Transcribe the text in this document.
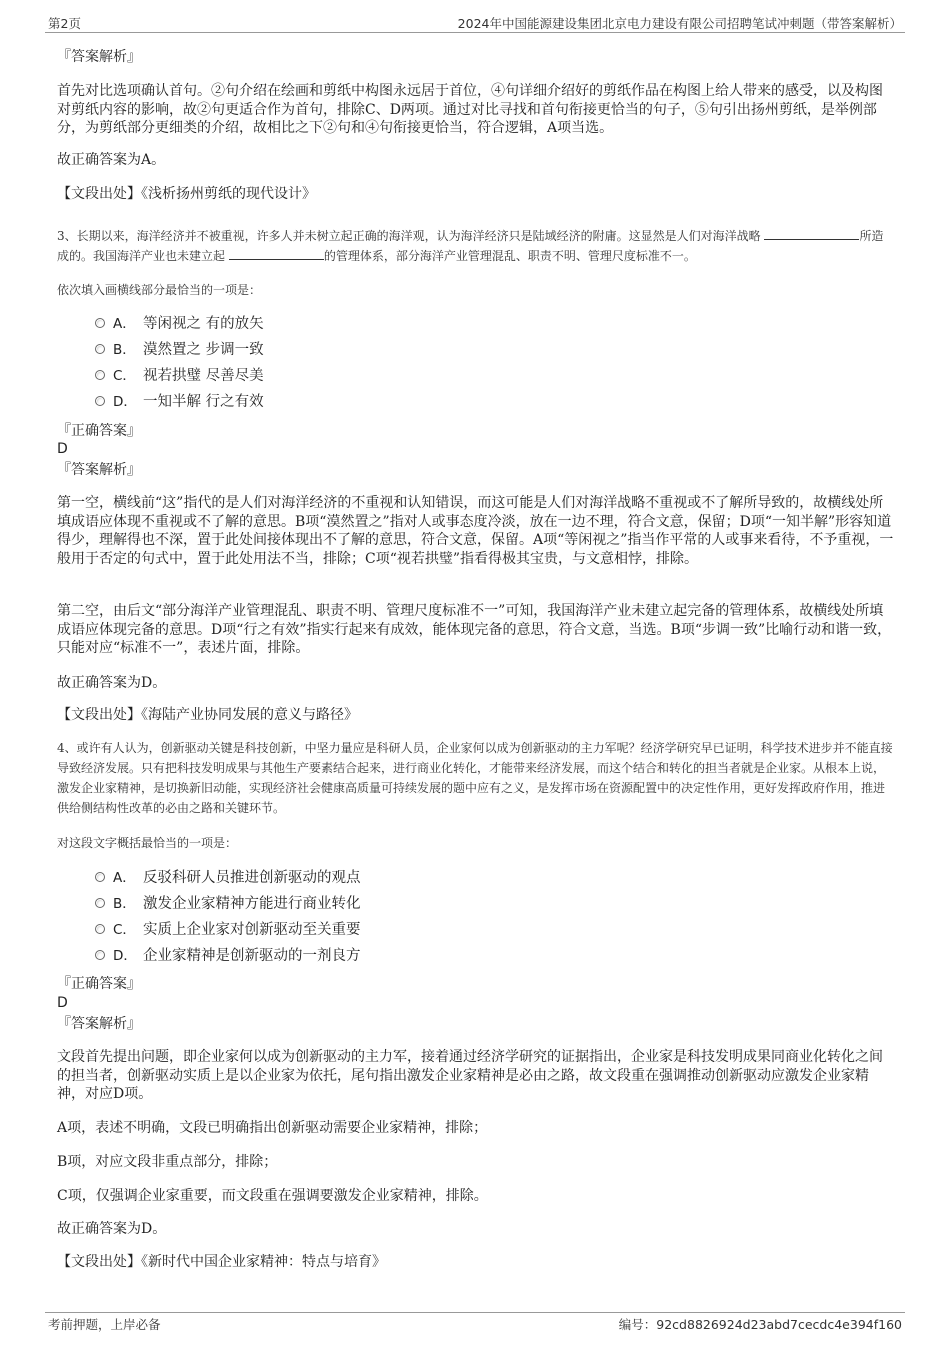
第2页	2024年中国能源建设集团北京电力建设有限公司招聘笔试冲刺题（带答案解析）
『答案解析』

首先对比选项确认首句。②句介绍在绘画和剪纸中构图永远居于首位，④句详细介绍好的剪纸作品在构图上给人带来的感受，以及构图对剪纸内容的影响，故②句更适合作为首句，排除C、D两项。通过对比寻找和首句衔接更恰当的句子，⑤句引出扬州剪纸，是举例部分，为剪纸部分更细类的介绍，故相比之下②句和④句衔接更恰当，符合逻辑，A项当选。

故正确答案为A。
【文段出处】《浅析扬州剪纸的现代设计》

3、长期以来，海洋经济并不被重视，许多人并未树立起正确的海洋观，认为海洋经济只是陆域经济的附庸。这显然是人们对海洋战略	所造成的。我国海洋产业也未建立起	的管理体系，部分海洋产业管理混乱、职责不明、管理尺度标准不一。

依次填入画横线部分最恰当的一项是：
A． 等闲视之 有的放矢
B． 漠然置之 步调一致
C． 视若拱璧 尽善尽美
D． 一知半解 行之有效
『正确答案』
D
『答案解析』

第一空，横线前“这”指代的是人们对海洋经济的不重视和认知错误，而这可能是人们对海洋战略不重视或不了解所导致的，故横线处所填成语应体现不重视或不了解的意思。B项“漠然置之”指对人或事态度冷淡，放在一边不理，符合文意，保留；D项“一知半解”形容知道得少，理解得也不深，置于此处间接体现出不了解的意思，符合文意，保留。A项“等闲视之”指当作平常的人或事来看待，不予重视，一般用于否定的句式中，置于此处用法不当，排除；C项“视若拱璧”指看得极其宝贵，与文意相悖，排除。

第二空，由后文“部分海洋产业管理混乱、职责不明、管理尺度标准不一”可知，我国海洋产业未建立起完备的管理体系，故横线处所填成语应体现完备的意思。D项“行之有效”指实行起来有成效，能体现完备的意思，符合文意，当选。B项“步调一致”比喻行动和谐一致，只能对应“标准不一”，表述片面，排除。

故正确答案为D。
【文段出处】《海陆产业协同发展的意义与路径》

4、或许有人认为，创新驱动关键是科技创新，中坚力量应是科研人员，企业家何以成为创新驱动的主力军呢？经济学研究早已证明，科学技术进步并不能直接导致经济发展。只有把科技发明成果与其他生产要素结合起来，进行商业化转化，才能带来经济发展，而这个结合和转化的担当者就是企业家。从根本上说，激发企业家精神，是切换新旧动能，实现经济社会健康高质量可持续发展的题中应有之义，是发挥市场在资源配置中的决定性作用，更好发挥政府作用，推进供给侧结构性改革的必由之路和关键环节。

对这段文字概括最恰当的一项是：
A． 反驳科研人员推进创新驱动的观点
B． 激发企业家精神方能进行商业转化
C． 实质上企业家对创新驱动至关重要
D． 企业家精神是创新驱动的一剂良方
『正确答案』
D
『答案解析』

文段首先提出问题，即企业家何以成为创新驱动的主力军，接着通过经济学研究的证据指出，企业家是科技发明成果同商业化转化之间的担当者，创新驱动实质上是以企业家为依托，尾句指出激发企业家精神是必由之路，故文段重在强调推动创新驱动应激发企业家精神，对应D项。

A项，表述不明确，文段已明确指出创新驱动需要企业家精神，排除；
B项，对应文段非重点部分，排除；
C项，仅强调企业家重要，而文段重在强调要激发企业家精神，排除。
故正确答案为D。
【文段出处】《新时代中国企业家精神：特点与培育》
考前押题，上岸必备	编号：92cd8826924d23abd7cecdc4e394f160
